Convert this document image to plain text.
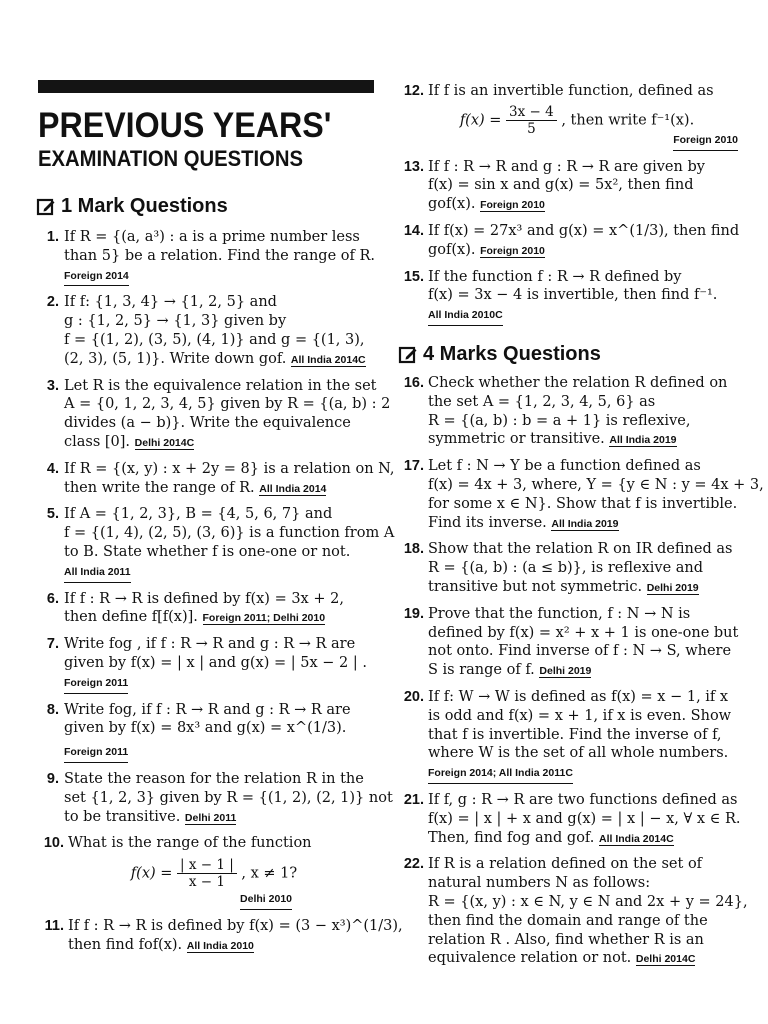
PREVIOUS YEARS'
EXAMINATION QUESTIONS
1 Mark Questions
1. If R = {(a, a³) : a is a prime number less
than 5} be a relation. Find the range of R.
Foreign 2014
2. If f: {1, 3, 4} → {1, 2, 5} and
g : {1, 2, 5} → {1, 3} given by
f = {(1, 2), (3, 5), (4, 1)} and g = {(1, 3),
(2, 3), (5, 1)}. Write down gof. All India 2014C
3. Let R is the equivalence relation in the set
A = {0, 1, 2, 3, 4, 5} given by R = {(a, b) : 2
divides (a − b)}. Write the equivalence
class [0]. Delhi 2014C
4. If R = {(x, y) : x + 2y = 8} is a relation on N,
then write the range of R. All India 2014
5. If A = {1, 2, 3}, B = {4, 5, 6, 7} and
f = {(1, 4), (2, 5), (3, 6)} is a function from A
to B. State whether f is one-one or not.
All India 2011
6. If f : R → R is defined by f(x) = 3x + 2,
then define f[f(x)]. Foreign 2011; Delhi 2010
7. Write fog , if f : R → R and g : R → R are
given by f(x) = | x | and g(x) = | 5x − 2 | .
Foreign 2011
8. Write fog, if f : R → R and g : R → R are
given by f(x) = 8x³ and g(x) = x^(1/3).
Foreign 2011
9. State the reason for the relation R in the
set {1, 2, 3} given by R = {(1, 2), (2, 1)} not
to be transitive. Delhi 2011
10. What is the range of the function
$f(x) = \frac{| x - 1 |}{x - 1}$ , x ≠ 1?
Delhi 2010
11. If f : R → R is defined by f(x) = (3 − x³)^(1/3),
then find fof(x). All India 2010
12. If f is an invertible function, defined as
$f(x) = \frac{3x - 4}{5}$ , then write f⁻¹(x).
Foreign 2010
13. If f : R → R and g : R → R are given by
f(x) = sin x and g(x) = 5x², then find
gof(x). Foreign 2010
14. If f(x) = 27x³ and g(x) = x^(1/3), then find
gof(x). Foreign 2010
15. If the function f : R → R defined by
f(x) = 3x − 4 is invertible, then find f⁻¹.
All India 2010C
4 Marks Questions
16. Check whether the relation R defined on
the set A = {1, 2, 3, 4, 5, 6} as
R = {(a, b) : b = a + 1} is reflexive,
symmetric or transitive. All India 2019
17. Let f : N → Y be a function defined as
f(x) = 4x + 3, where, Y = {y ∈ N : y = 4x + 3,
for some x ∈ N}. Show that f is invertible.
Find its inverse. All India 2019
18. Show that the relation R on IR defined as
R = {(a, b) : (a ≤ b)}, is reflexive and
transitive but not symmetric. Delhi 2019
19. Prove that the function, f : N → N is
defined by f(x) = x² + x + 1 is one-one but
not onto. Find inverse of f : N → S, where
S is range of f. Delhi 2019
20. If f: W → W is defined as f(x) = x − 1, if x
is odd and f(x) = x + 1, if x is even. Show
that f is invertible. Find the inverse of f,
where W is the set of all whole numbers.
Foreign 2014; All India 2011C
21. If f, g : R → R are two functions defined as
f(x) = | x | + x and g(x) = | x | − x, ∀ x ∈ R.
Then, find fog and gof. All India 2014C
22. If R is a relation defined on the set of
natural numbers N as follows:
R = {(x, y) : x ∈ N, y ∈ N and 2x + y = 24},
then find the domain and range of the
relation R . Also, find whether R is an
equivalence relation or not. Delhi 2014C
